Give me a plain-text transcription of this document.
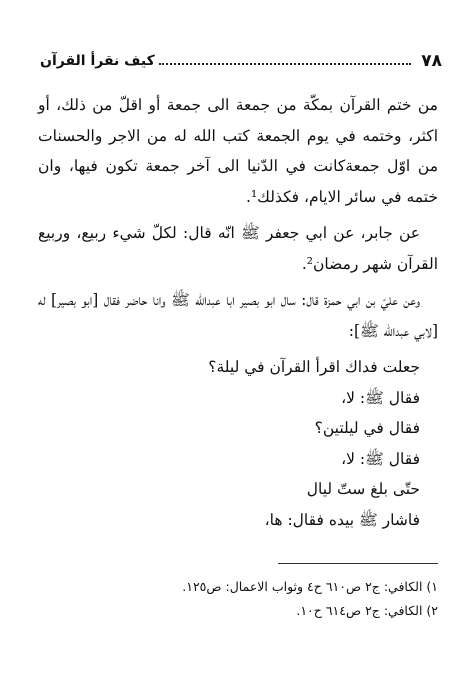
٧٨
كيف نقرأ القرآن

من ختم القرآن بمكّة من جمعة الى جمعة أو اقلّ من ذلك، أو اكثر، وختمه في يوم الجمعة كتب الله له من الاجر والحسنات من اوّل جمعةكانت في الدّنيا الى آخر جمعة تكون فيها، وان ختمه في سائر الايام، فكذلك¹.

عن جابر، عن ابي جعفر ﷺ انّه قال: لكلّ شيء ربيع، وربيع القرآن شهر رمضان².

وعن عليّ بن ابي حمزة قال: سال ابو بصير ابا عبدالله ﷺ وانا حاضر فقال [ابو بصير] له [لابي عبدالله ﷺ]:

جعلت فداك اقرأ القرآن في ليلة؟
فقال ﷺ: لا،
فقال في ليلتين؟
فقال ﷺ: لا،
حتّى بلغ ستّ ليال
فاشار ﷺ بيده فقال: ها،
١) الكافي: ج٢ ص٦١٠ ح٤ وثواب الاعمال: ص١٢٥.
٢) الكافي: ج٢ ص٦١٤ ح١٠.
